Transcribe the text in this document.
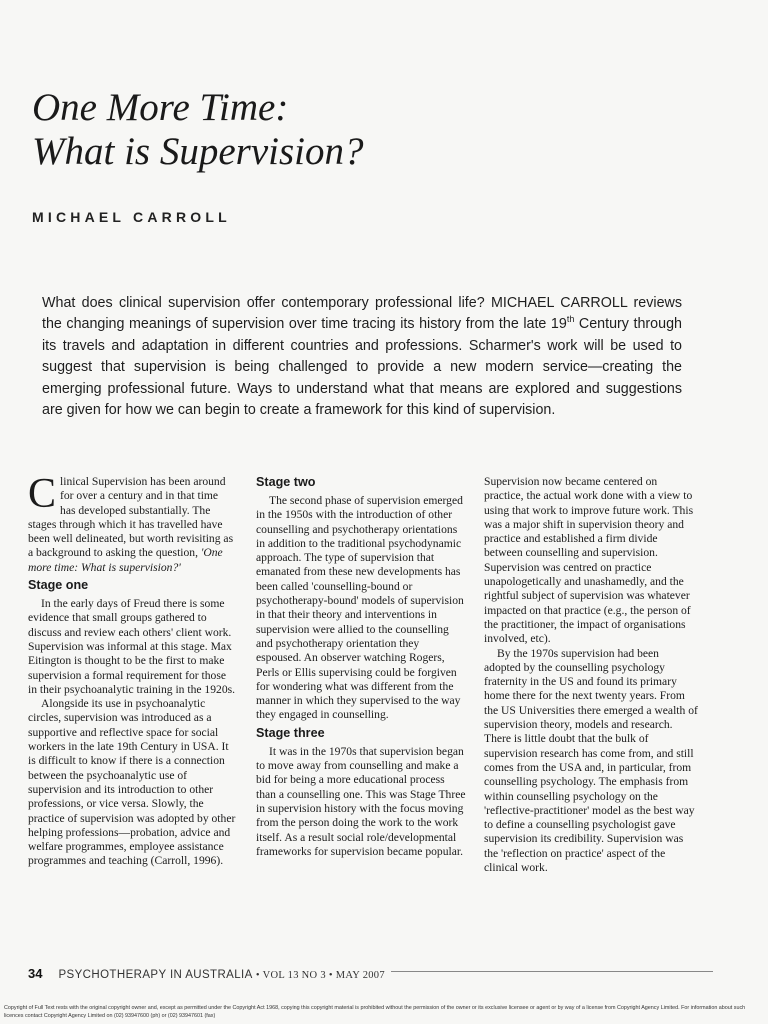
One More Time:
What is Supervision?
MICHAEL CARROLL

What does clinical supervision offer contemporary professional life? MICHAEL CARROLL reviews the changing meanings of supervision over time tracing its history from the late 19th Century through its travels and adaptation in different countries and professions. Scharmer's work will be used to suggest that supervision is being challenged to provide a new modern service—creating the emerging professional future. Ways to understand what that means are explored and suggestions are given for how we can begin to create a framework for this kind of supervision.

Clinical Supervision has been around for over a century and in that time has developed substantially. The stages through which it has travelled have been well delineated, but worth revisiting as a background to asking the question, 'One more time: What is supervision?'

Stage one

In the early days of Freud there is some evidence that small groups gathered to discuss and review each others' client work. Supervision was informal at this stage. Max Eitington is thought to be the first to make supervision a formal requirement for those in their psychoanalytic training in the 1920s.

Alongside its use in psychoanalytic circles, supervision was introduced as a supportive and reflective space for social workers in the late 19th Century in USA. It is difficult to know if there is a connection between the psychoanalytic use of supervision and its introduction to other professions, or vice versa. Slowly, the practice of supervision was adopted by other helping professions—probation, advice and welfare programmes, employee assistance programmes and teaching (Carroll, 1996).

Stage two

The second phase of supervision emerged in the 1950s with the introduction of other counselling and psychotherapy orientations in addition to the traditional psychodynamic approach. The type of supervision that emanated from these new developments has been called 'counselling-bound or psychotherapy-bound' models of supervision in that their theory and interventions in supervision were allied to the counselling and psychotherapy orientation they espoused. An observer watching Rogers, Perls or Ellis supervising could be forgiven for wondering what was different from the manner in which they supervised to the way they engaged in counselling.

Stage three

It was in the 1970s that supervision began to move away from counselling and make a bid for being a more educational process than a counselling one. This was Stage Three in supervision history with the focus moving from the person doing the work to the work itself. As a result social role/developmental frameworks for supervision became popular.

Supervision now became centered on practice, the actual work done with a view to using that work to improve future work. This was a major shift in supervision theory and practice and established a firm divide between counselling and supervision. Supervision was centred on practice unapologetically and unashamedly, and the rightful subject of supervision was whatever impacted on that practice (e.g., the person of the practitioner, the impact of organisations involved, etc).

By the 1970s supervision had been adopted by the counselling psychology fraternity in the US and found its primary home there for the next twenty years. From the US Universities there emerged a wealth of supervision theory, models and research. There is little doubt that the bulk of supervision research has come from, and still comes from the USA and, in particular, from counselling psychology. The emphasis from within counselling psychology on the 'reflective-practitioner' model as the best way to define a counselling psychologist gave supervision its credibility. Supervision was the 'reflection on practice' aspect of the clinical work.

34 PSYCHOTHERAPY IN AUSTRALIA • VOL 13 NO 3 • MAY 2007
Copyright of Full Text rests with the original copyright owner and, except as permitted under the Copyright Act 1968, copying this copyright material is prohibited without the permission of the owner or its exclusive licensee or agent or by way of a license from Copyright Agency Limited. For information about such licences contact Copyright Agency Limited on (02) 93947600 (ph) or (02) 93947601 (fax)
